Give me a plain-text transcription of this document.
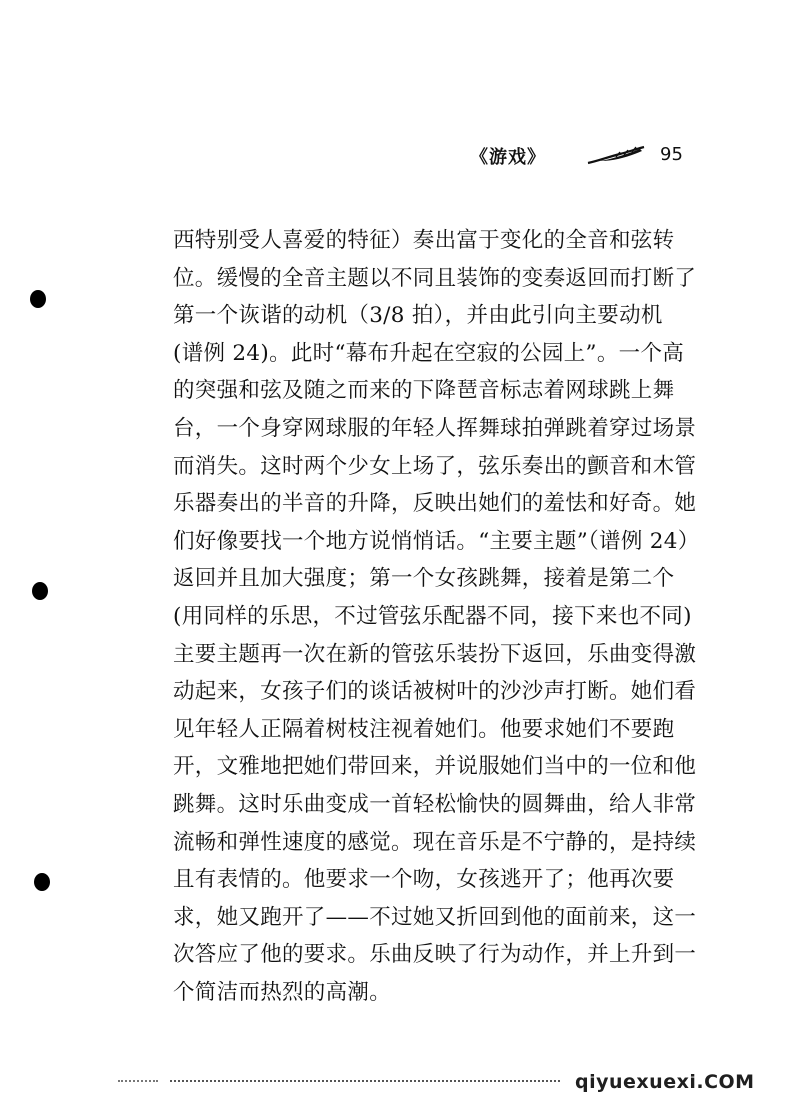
《游戏》	95
西特别受人喜爱的特征）奏出富于变化的全音和弦转
位。缓慢的全音主题以不同且装饰的变奏返回而打断了
第一个诙谐的动机（3/8 拍），并由此引向主要动机
(谱例 24)。此时“幕布升起在空寂的公园上”。一个高
的突强和弦及随之而来的下降琶音标志着网球跳上舞
台，一个身穿网球服的年轻人挥舞球拍弹跳着穿过场景
而消失。这时两个少女上场了，弦乐奏出的颤音和木管
乐器奏出的半音的升降，反映出她们的羞怯和好奇。她
们好像要找一个地方说悄悄话。“主要主题”（谱例 24）
返回并且加大强度；第一个女孩跳舞，接着是第二个
(用同样的乐思，不过管弦乐配器不同，接下来也不同)
主要主题再一次在新的管弦乐装扮下返回，乐曲变得激
动起来，女孩子们的谈话被树叶的沙沙声打断。她们看
见年轻人正隔着树枝注视着她们。他要求她们不要跑
开，文雅地把她们带回来，并说服她们当中的一位和他
跳舞。这时乐曲变成一首轻松愉快的圆舞曲，给人非常
流畅和弹性速度的感觉。现在音乐是不宁静的，是持续
且有表情的。他要求一个吻，女孩逃开了；他再次要
求，她又跑开了——不过她又折回到他的面前来，这一
次答应了他的要求。乐曲反映了行为动作，并上升到一
个简洁而热烈的高潮。
qiyuexuexi.COM
